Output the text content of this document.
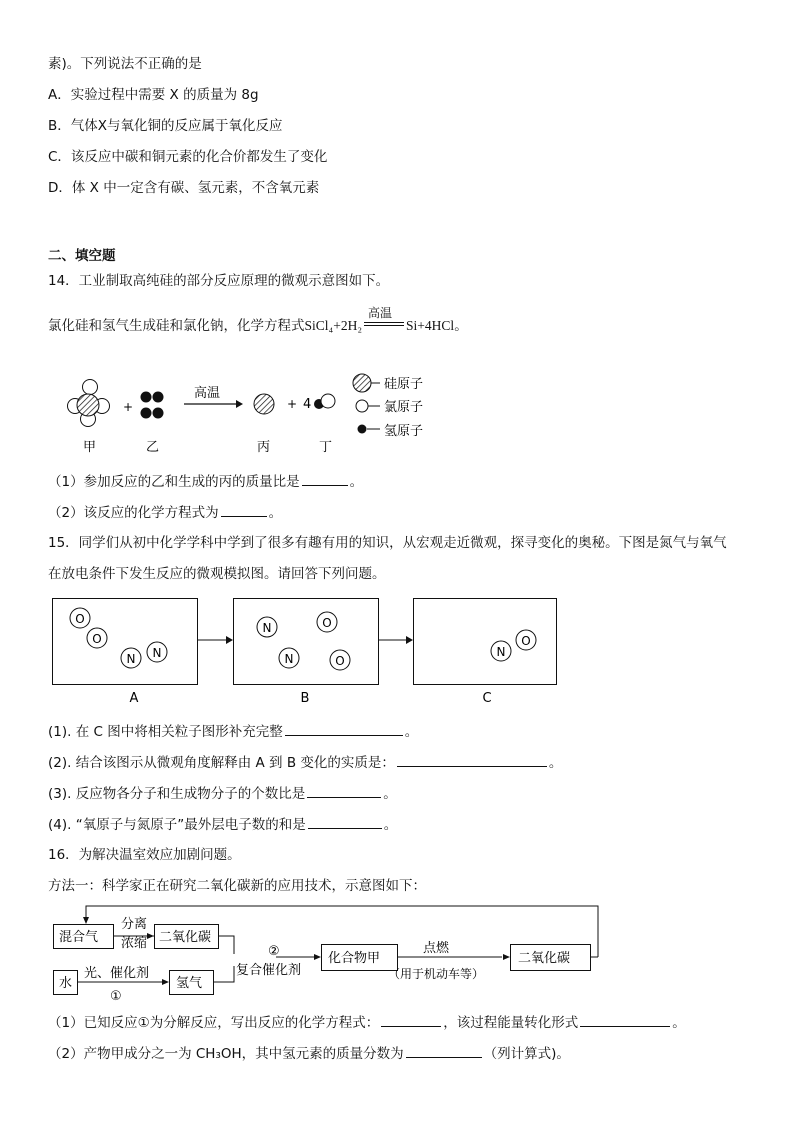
素)。下列说法不正确的是
A．实验过程中需要 X 的质量为 8g
B．气体X与氧化铜的反应属于氧化反应
C．该反应中碳和铜元素的化合价都发生了变化
D．体 X 中一定含有碳、氢元素，不含氧元素
二、填空题
14．工业制取高纯硅的部分反应原理的微观示意图如下。
氯化硅和氢气生成硅和氯化钠，化学方程式SiCl₄+2H₂
高温
Si+4HCl。
+
高温
+ 4
甲	乙	丙	丁
硅原子
氯原子
氢原子
（1）参加反应的乙和生成的丙的质量比是	。
（2）该反应的化学方程式为	。
15．同学们从初中化学学科中学到了很多有趣有用的知识，从宏观走近微观，探寻变化的奥秘。下图是氮气与氧气
在放电条件下发生反应的微观模拟图。请回答下列问题。
O
O
N N
N	O
N	O
N
O
A	B	C
(1). 在 C 图中将相关粒子图形补充完整	。
(2). 结合该图示从微观角度解释由 A 到 B 变化的实质是：	。
(3). 反应物各分子和生成物分子的个数比是	。
(4). “氧原子与氮原子”最外层电子数的和是	。
16．为解决温室效应加剧问题。
方法一：科学家正在研究二氧化碳新的应用技术，示意图如下：
混合气
分离
浓缩 二氧化碳
水
光、催化剂
①
氢气
②
复合催化剂
化合物甲
点燃
（用于机动车等）
二氧化碳
（1）已知反应①为分解反应，写出反应的化学方程式：	，该过程能量转化形式	。
（2）产物甲成分之一为 CH₃OH，其中氢元素的质量分数为	（列计算式)。
